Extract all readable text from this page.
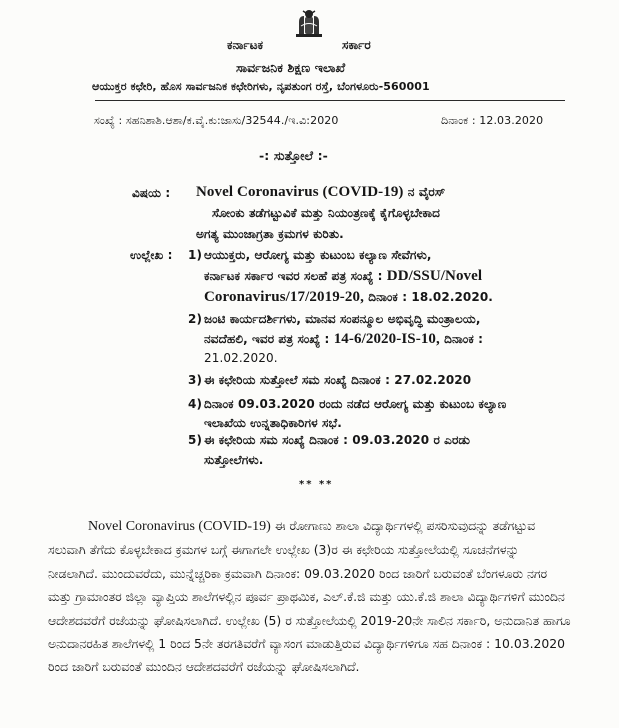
ಕರ್ನಾಟಕ	ಸರ್ಕಾರ
ಸಾರ್ವಜನಿಕ ಶಿಕ್ಷಣ ಇಲಾಖೆ
ಆಯುಕ್ತರ ಕಛೇರಿ, ಹೊಸ ಸಾರ್ವಜನಿಕ ಕಛೇರಿಗಳು, ನೃಪತುಂಗ ರಸ್ತೆ, ಬೆಂಗಳೂರು-560001
ಸಂಖ್ಯೆ : ಸಹನಿಶಾಶಿ.ಆಶಾ/ಕ.ವೈ.ಕು:ಜಾಸು/32544./ಇ.ವಿ:2020	ದಿನಾಂಕ : 12.03.2020
-: ಸುತ್ತೋಲೆ :-
ವಿಷಯ : Novel Coronavirus (COVID-19) ನ ವೈರಸ್
ಸೋಂಕು ತಡೆಗಟ್ಟುವಿಕೆ ಮತ್ತು ನಿಯಂತ್ರಣಕ್ಕೆ ಕೈಗೊಳ್ಳಬೇಕಾದ
ಅಗತ್ಯ ಮುಂಜಾಗ್ರತಾ ಕ್ರಮಗಳ ಕುರಿತು.
ಉಲ್ಲೇಖ : 1) ಆಯುಕ್ತರು, ಆರೋಗ್ಯ ಮತ್ತು ಕುಟುಂಬ ಕಲ್ಯಾಣ ಸೇವೆಗಳು,
ಕರ್ನಾಟಕ ಸರ್ಕಾರ ಇವರ ಸಲಹೆ ಪತ್ರ ಸಂಖ್ಯೆ : DD/SSU/Novel
Coronavirus/17/2019-20, ದಿನಾಂಕ : 18.02.2020.
2) ಜಂಟಿ ಕಾರ್ಯದರ್ಶಿಗಳು, ಮಾನವ ಸಂಪನ್ಮೂಲ ಅಭಿವೃದ್ಧಿ ಮಂತ್ರಾಲಯ,
ನವದೆಹಲಿ, ಇವರ ಪತ್ರ ಸಂಖ್ಯೆ : 14-6/2020-IS-10, ದಿನಾಂಕ :
21.02.2020.
3) ಈ ಕಛೇರಿಯ ಸುತ್ತೋಲೆ ಸಮ ಸಂಖ್ಯೆ ದಿನಾಂಕ : 27.02.2020
4) ದಿನಾಂಕ 09.03.2020 ರಂದು ನಡೆದ ಆರೋಗ್ಯ ಮತ್ತು ಕುಟುಂಬ ಕಲ್ಯಾಣ
ಇಲಾಖೆಯ ಉನ್ನತಾಧಿಕಾರಿಗಳ ಸಭೆ.
5) ಈ ಕಛೇರಿಯ ಸಮ ಸಂಖ್ಯೆ ದಿನಾಂಕ : 09.03.2020 ರ ಎರಡು
ಸುತ್ತೋಲೆಗಳು.
** **
Novel Coronavirus (COVID-19) ಈ ರೋಗಾಣು ಶಾಲಾ ವಿದ್ಯಾರ್ಥಿಗಳಲ್ಲಿ ಪಸರಿಸುವುದನ್ನು ತಡೆಗಟ್ಟುವ ಸಲುವಾಗಿ ತೆಗೆದು ಕೊಳ್ಳಬೇಕಾದ ಕ್ರಮಗಳ ಬಗ್ಗೆ ಈಗಾಗಲೇ ಉಲ್ಲೇಖ (3)ರ ಈ ಕಛೇರಿಯ ಸುತ್ತೋಲೆಯಲ್ಲಿ ಸೂಚನೆಗಳನ್ನು ನೀಡಲಾಗಿದೆ. ಮುಂದುವರೆದು, ಮುನ್ನೆಚ್ಚರಿಕಾ ಕ್ರಮವಾಗಿ ದಿನಾಂಕ: 09.03.2020 ರಿಂದ ಜಾರಿಗೆ ಬರುವಂತೆ ಬೆಂಗಳೂರು ನಗರ ಮತ್ತು ಗ್ರಾಮಾಂತರ ಜಿಲ್ಲಾ ವ್ಯಾಪ್ತಿಯ ಶಾಲೆಗಳಲ್ಲಿನ ಪೂರ್ವ ಪ್ರಾಥಮಿಕ, ಎಲ್.ಕೆ.ಜಿ ಮತ್ತು ಯು.ಕೆ.ಜಿ ಶಾಲಾ ವಿದ್ಯಾರ್ಥಿಗಳಿಗೆ ಮುಂದಿನ ಆದೇಶದವರೆಗೆ ರಜೆಯನ್ನು ಘೋಷಿಸಲಾಗಿದೆ. ಉಲ್ಲೇಖ (5) ರ ಸುತ್ತೋಲೆಯಲ್ಲಿ 2019-20ನೇ ಸಾಲಿನ ಸರ್ಕಾರಿ, ಅನುದಾನಿತ ಹಾಗೂ ಅನುದಾನರಹಿತ ಶಾಲೆಗಳಲ್ಲಿ 1 ರಿಂದ 5ನೇ ತರಗತಿವರೆಗೆ ವ್ಯಾಸಂಗ ಮಾಡುತ್ತಿರುವ ವಿದ್ಯಾರ್ಥಿಗಳಿಗೂ ಸಹ ದಿನಾಂಕ : 10.03.2020 ರಿಂದ ಜಾರಿಗೆ ಬರುವಂತೆ ಮುಂದಿನ ಆದೇಶದವರೆಗೆ ರಜೆಯನ್ನು ಘೋಷಿಸಲಾಗಿದೆ.
